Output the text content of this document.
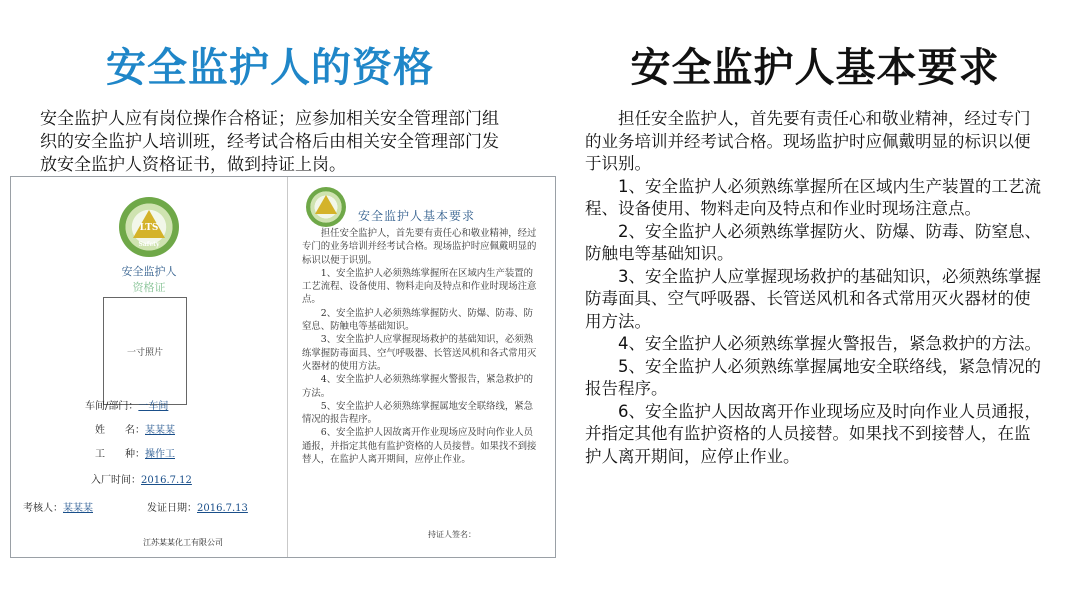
安全监护人的资格	安全监护人基本要求
安全监护人应有岗位操作合格证；应参加相关安全管理部门组织的安全监护人培训班，经考试合格后由相关安全管理部门发放安全监护人资格证书，做到持证上岗。

担任安全监护人，首先要有责任心和敬业精神，经过专门的业务培训并经考试合格。现场监护时应佩戴明显的标识以便于识别。

1、安全监护人必须熟练掌握所在区域内生产装置的工艺流程、设备使用、物料走向及特点和作业时现场注意点。

2、安全监护人必须熟练掌握防火、防爆、防毒、防窒息、防触电等基础知识。

3、安全监护人应掌握现场救护的基础知识，必须熟练掌握防毒面具、空气呼吸器、长管送风机和各式常用灭火器材的使用方法。

4、安全监护人必须熟练掌握火警报告，紧急救护的方法。

5、安全监护人必须熟练掌握属地安全联络线，紧急情况的报告程序。

6、安全监护人因故离开作业现场应及时向作业人员通报，并指定其他有监护资格的人员接替。如果找不到接替人，在监护人离开期间，应停止作业。

LTS
Safety
安全监护人
资格证
一寸照片
车间/部门：一车间
姓　　名：某某某
工　　种：操作工
入厂时间：2016.7.12
考核人：某某某	发证日期：2016.7.13
江苏某某化工有限公司
安全监护人基本要求

担任安全监护人，首先要有责任心和敬业精神，经过专门的业务培训并经考试合格。现场监护时应佩戴明显的标识以便于识别。

1、安全监护人必须熟练掌握所在区域内生产装置的工艺流程、设备使用、物料走向及特点和作业时现场注意点。

2、安全监护人必须熟练掌握防火、防爆、防毒、防窒息、防触电等基础知识。

3、安全监护人应掌握现场救护的基础知识，必须熟练掌握防毒面具、空气呼吸器、长管送风机和各式常用灭火器材的使用方法。

4、安全监护人必须熟练掌握火警报告，紧急救护的方法。

5、安全监护人必须熟练掌握属地安全联络线，紧急情况的报告程序。

6、安全监护人因故离开作业现场应及时向作业人员通报，并指定其他有监护资格的人员接替。如果找不到接替人，在监护人离开期间，应停止作业。

持证人签名：
